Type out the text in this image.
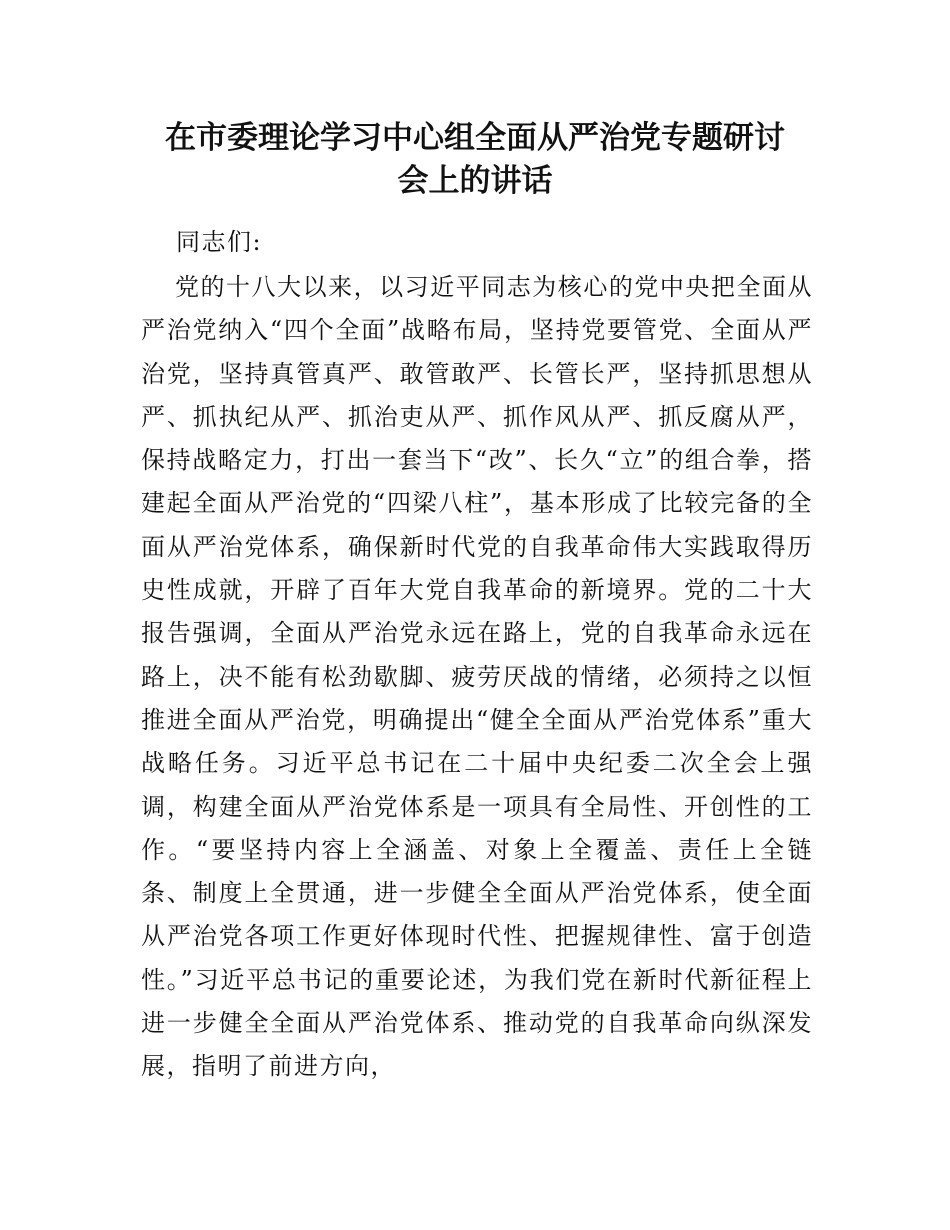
在市委理论学习中心组全面从严治党专题研讨
会上的讲话
同志们:
党的十八大以来，以习近平同志为核心的党中央把全面从严治党纳入“四个全面”战略布局，坚持党要管党、全面从严治党，坚持真管真严、敢管敢严、长管长严，坚持抓思想从严、抓执纪从严、抓治吏从严、抓作风从严、抓反腐从严，保持战略定力，打出一套当下“改”、长久“立”的组合拳，搭建起全面从严治党的“四梁八柱”，基本形成了比较完备的全面从严治党体系，确保新时代党的自我革命伟大实践取得历史性成就，开辟了百年大党自我革命的新境界。党的二十大报告强调，全面从严治党永远在路上，党的自我革命永远在路上，决不能有松劲歇脚、疲劳厌战的情绪，必须持之以恒推进全面从严治党，明确提出“健全全面从严治党体系”重大战略任务。习近平总书记在二十届中央纪委二次全会上强调，构建全面从严治党体系是一项具有全局性、开创性的工作。“要坚持内容上全涵盖、对象上全覆盖、责任上全链条、制度上全贯通，进一步健全全面从严治党体系，使全面从严治党各项工作更好体现时代性、把握规律性、富于创造性。”习近平总书记的重要论述，为我们党在新时代新征程上进一步健全全面从严治党体系、推动党的自我革命向纵深发展，指明了前进方向，
